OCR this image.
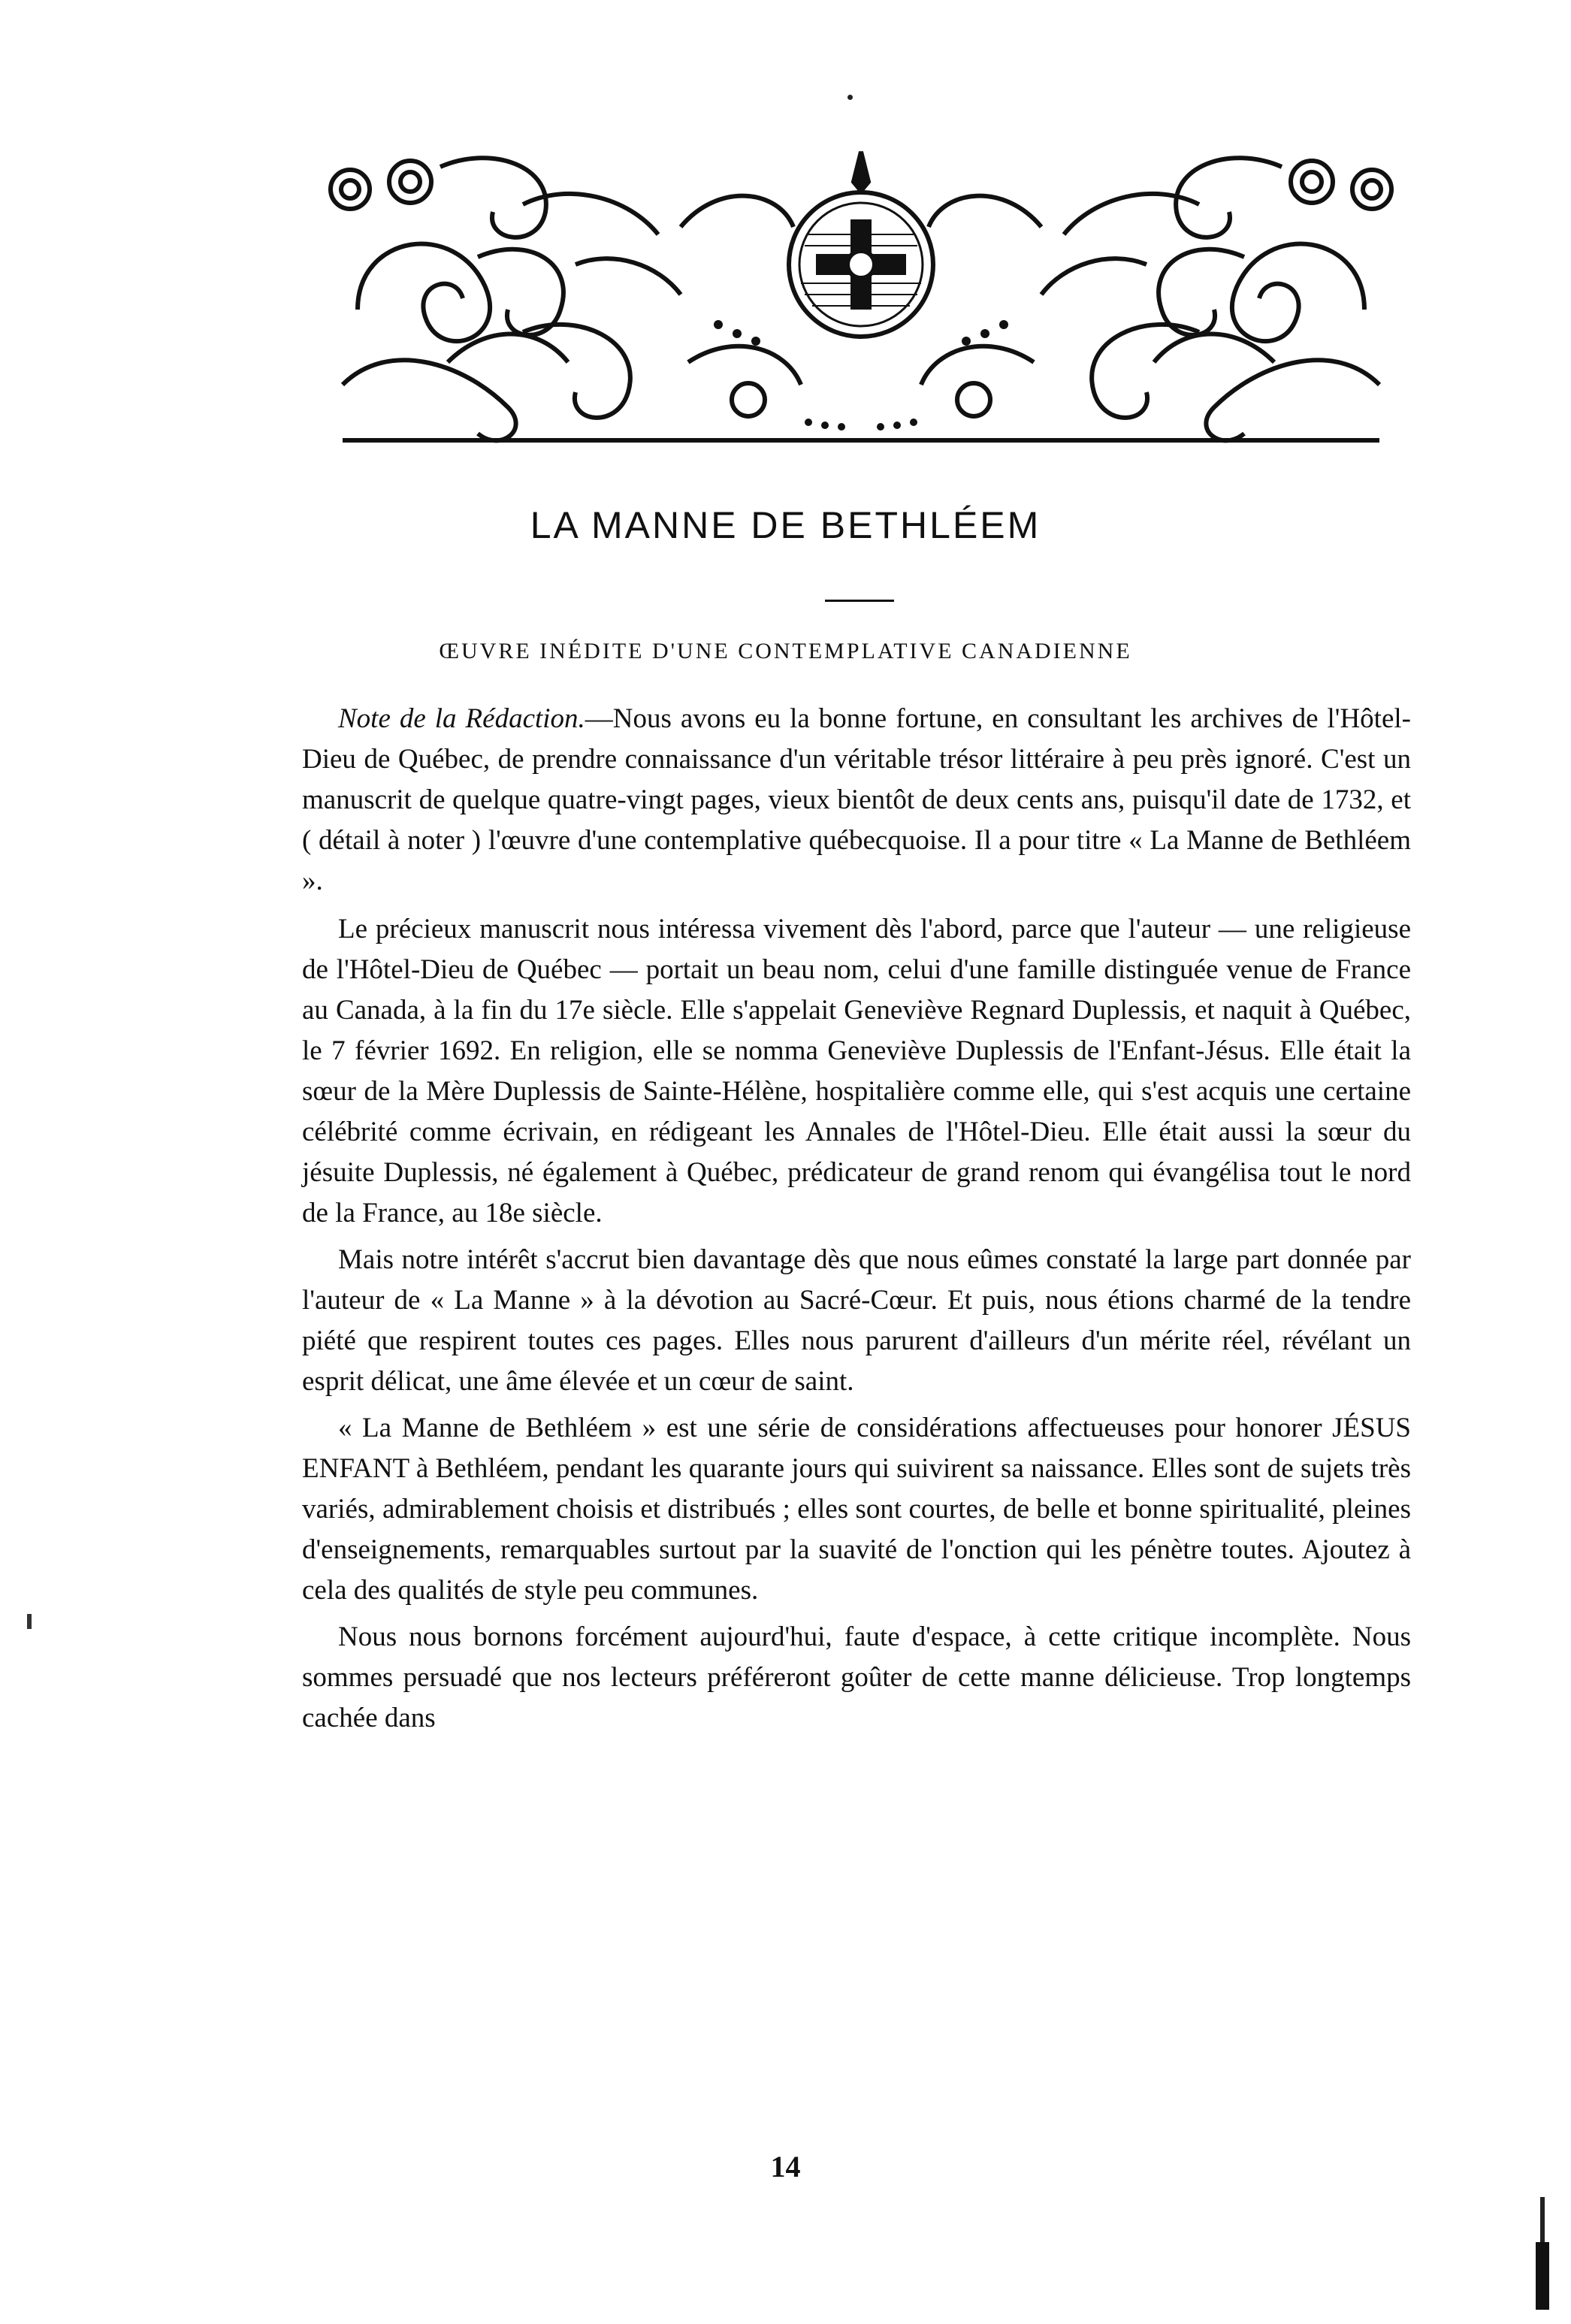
LA MANNE DE BETHLÉEM
ŒUVRE INÉDITE D'UNE CONTEMPLATIVE CANADIENNE

Note de la Rédaction.—Nous avons eu la bonne fortune, en consultant les archives de l'Hôtel-Dieu de Québec, de prendre connaissance d'un véritable trésor littéraire à peu près ignoré. C'est un manuscrit de quelque quatre-vingt pages, vieux bientôt de deux cents ans, puisqu'il date de 1732, et ( détail à noter ) l'œuvre d'une contemplative québecquoise. Il a pour titre « La Manne de Bethléem ».

Le précieux manuscrit nous intéressa vivement dès l'abord, parce que l'auteur — une religieuse de l'Hôtel-Dieu de Québec — portait un beau nom, celui d'une famille distinguée venue de France au Canada, à la fin du 17e siècle. Elle s'appelait Geneviève Regnard Duplessis, et naquit à Québec, le 7 février 1692. En religion, elle se nomma Geneviève Duplessis de l'Enfant-Jésus. Elle était la sœur de la Mère Duplessis de Sainte-Hélène, hospitalière comme elle, qui s'est acquis une certaine célébrité comme écrivain, en rédigeant les Annales de l'Hôtel-Dieu. Elle était aussi la sœur du jésuite Duplessis, né également à Québec, prédicateur de grand renom qui évangélisa tout le nord de la France, au 18e siècle.

Mais notre intérêt s'accrut bien davantage dès que nous eûmes constaté la large part donnée par l'auteur de « La Manne » à la dévotion au Sacré-Cœur. Et puis, nous étions charmé de la tendre piété que respirent toutes ces pages. Elles nous parurent d'ailleurs d'un mérite réel, révélant un esprit délicat, une âme élevée et un cœur de saint.

« La Manne de Bethléem » est une série de considérations affectueuses pour honorer JÉSUS ENFANT à Bethléem, pendant les quarante jours qui suivirent sa naissance. Elles sont de sujets très variés, admirablement choisis et distribués ; elles sont courtes, de belle et bonne spiritualité, pleines d'enseignements, remarquables surtout par la suavité de l'onction qui les pénètre toutes. Ajoutez à cela des qualités de style peu communes.

Nous nous bornons forcément aujourd'hui, faute d'espace, à cette critique incomplète. Nous sommes persuadé que nos lecteurs préféreront goûter de cette manne délicieuse. Trop longtemps cachée dans

14
